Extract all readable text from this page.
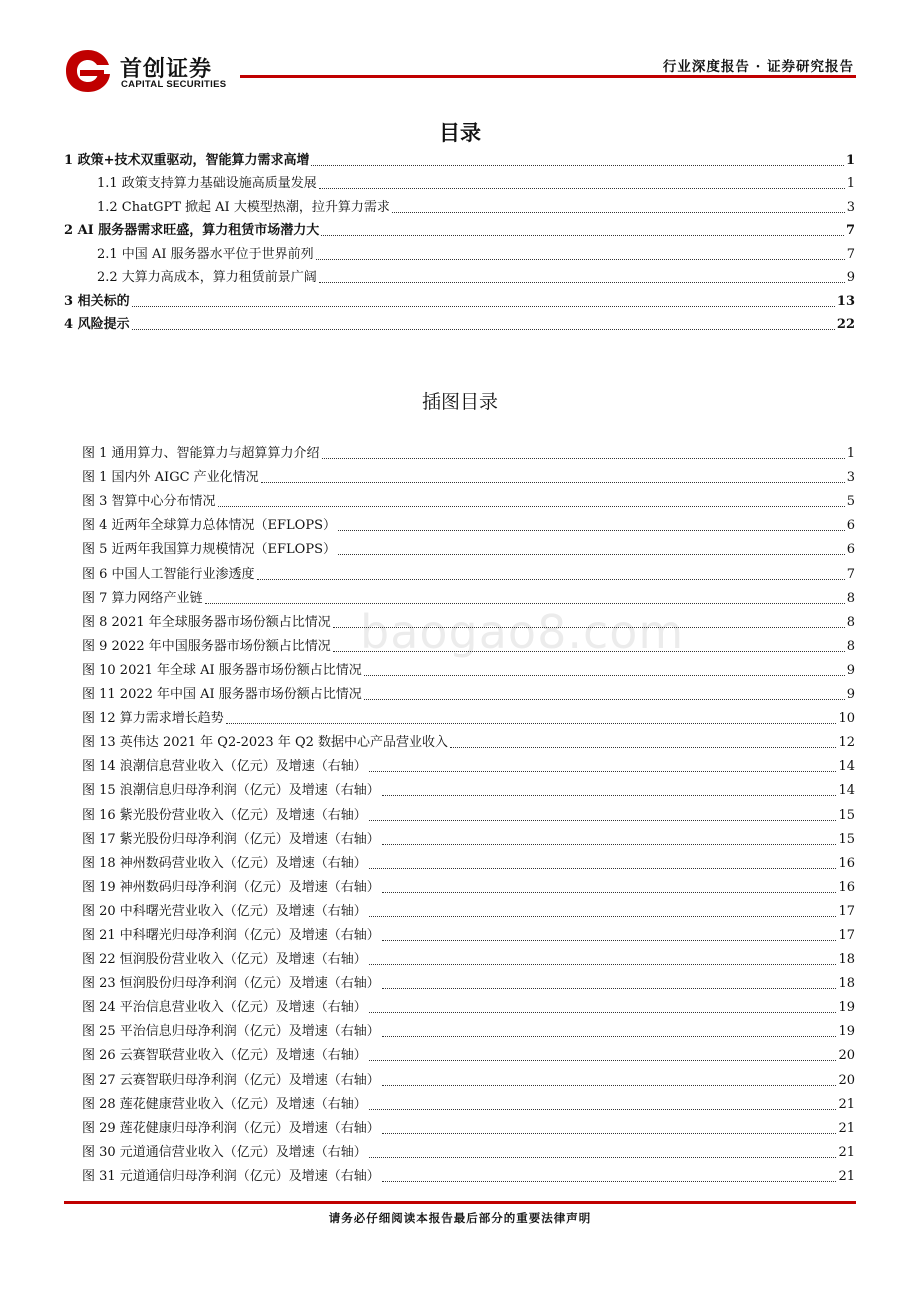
首创证券
CAPITAL SECURITIES
行业深度报告 · 证券研究报告
目录
1 政策+技术双重驱动，智能算力需求高增	1
1.1 政策支持算力基础设施高质量发展	1
1.2 ChatGPT 掀起 AI 大模型热潮，拉升算力需求	3
2 AI 服务器需求旺盛，算力租赁市场潜力大	7
2.1 中国 AI 服务器水平位于世界前列	7
2.2 大算力高成本，算力租赁前景广阔	9
3 相关标的	13
4 风险提示	22
插图目录
图 1 通用算力、智能算力与超算算力介绍	1
图 1 国内外 AIGC 产业化情况	3
图 3 智算中心分布情况	5
图 4 近两年全球算力总体情况（EFLOPS）	6
图 5 近两年我国算力规模情况（EFLOPS）	6
图 6 中国人工智能行业渗透度	7
图 7 算力网络产业链	8
图 8 2021 年全球服务器市场份额占比情况	8
图 9 2022 年中国服务器市场份额占比情况	8
图 10 2021 年全球 AI 服务器市场份额占比情况	9
图 11 2022 年中国 AI 服务器市场份额占比情况	9
图 12 算力需求增长趋势	10
图 13 英伟达 2021 年 Q2-2023 年 Q2 数据中心产品营业收入	12
图 14 浪潮信息营业收入（亿元）及增速（右轴）	14
图 15 浪潮信息归母净利润（亿元）及增速（右轴）	14
图 16 紫光股份营业收入（亿元）及增速（右轴）	15
图 17 紫光股份归母净利润（亿元）及增速（右轴）	15
图 18 神州数码营业收入（亿元）及增速（右轴）	16
图 19 神州数码归母净利润（亿元）及增速（右轴）	16
图 20 中科曙光营业收入（亿元）及增速（右轴）	17
图 21 中科曙光归母净利润（亿元）及增速（右轴）	17
图 22 恒润股份营业收入（亿元）及增速（右轴）	18
图 23 恒润股份归母净利润（亿元）及增速（右轴）	18
图 24 平治信息营业收入（亿元）及增速（右轴）	19
图 25 平治信息归母净利润（亿元）及增速（右轴）	19
图 26 云赛智联营业收入（亿元）及增速（右轴）	20
图 27 云赛智联归母净利润（亿元）及增速（右轴）	20
图 28 莲花健康营业收入（亿元）及增速（右轴）	21
图 29 莲花健康归母净利润（亿元）及增速（右轴）	21
图 30 元道通信营业收入（亿元）及增速（右轴）	21
图 31 元道通信归母净利润（亿元）及增速（右轴）	21
baogao8.com
请务必仔细阅读本报告最后部分的重要法律声明
